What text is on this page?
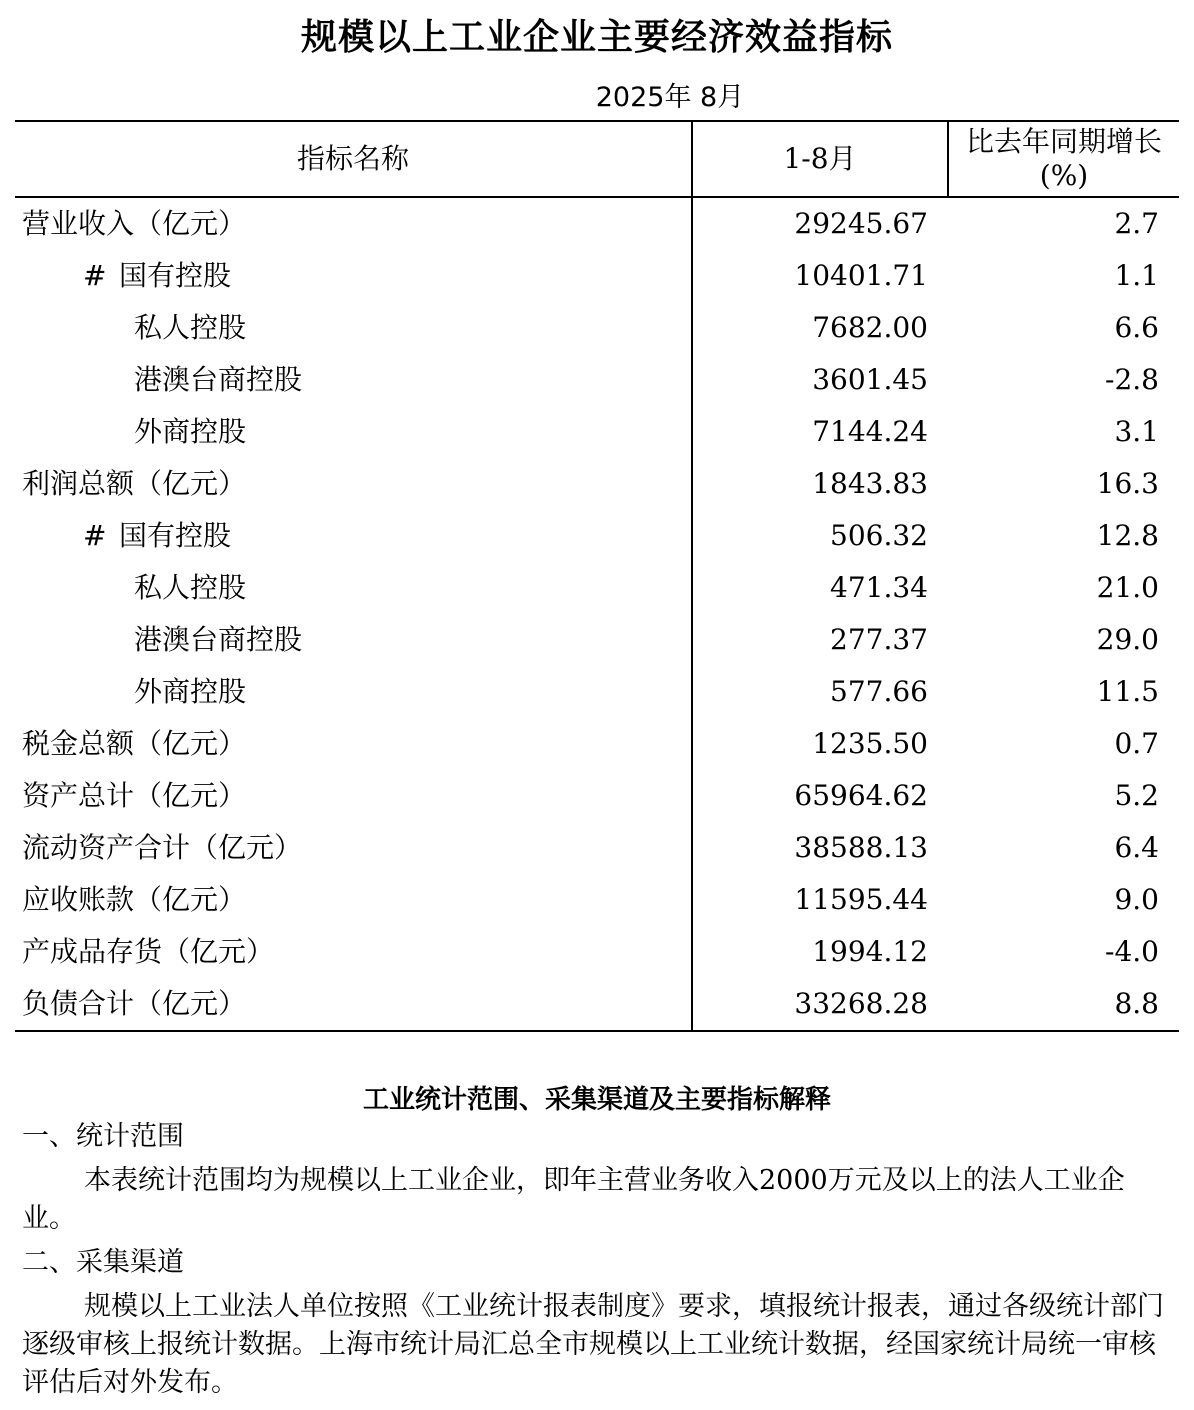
规模以上工业企业主要经济效益指标
2025年 8月
指标名称	1-8月	比去年同期增长(%)
营业收入（亿元）	29245.67	2.7
# 国有控股	10401.71	1.1
私人控股	7682.00	6.6
港澳台商控股	3601.45	-2.8
外商控股	7144.24	3.1
利润总额（亿元）	1843.83	16.3
# 国有控股	506.32	12.8
私人控股	471.34	21.0
港澳台商控股	277.37	29.0
外商控股	577.66	11.5
税金总额（亿元）	1235.50	0.7
资产总计（亿元）	65964.62	5.2
流动资产合计（亿元）	38588.13	6.4
应收账款（亿元）	11595.44	9.0
产成品存货（亿元）	1994.12	-4.0
负债合计（亿元）	33268.28	8.8
工业统计范围、采集渠道及主要指标解释

一、统计范围

本表统计范围均为规模以上工业企业，即年主营业务收入2000万元及以上的法人工业企业。

二、采集渠道

规模以上工业法人单位按照《工业统计报表制度》要求，填报统计报表，通过各级统计部门逐级审核上报统计数据。上海市统计局汇总全市规模以上工业统计数据，经国家统计局统一审核评估后对外发布。
